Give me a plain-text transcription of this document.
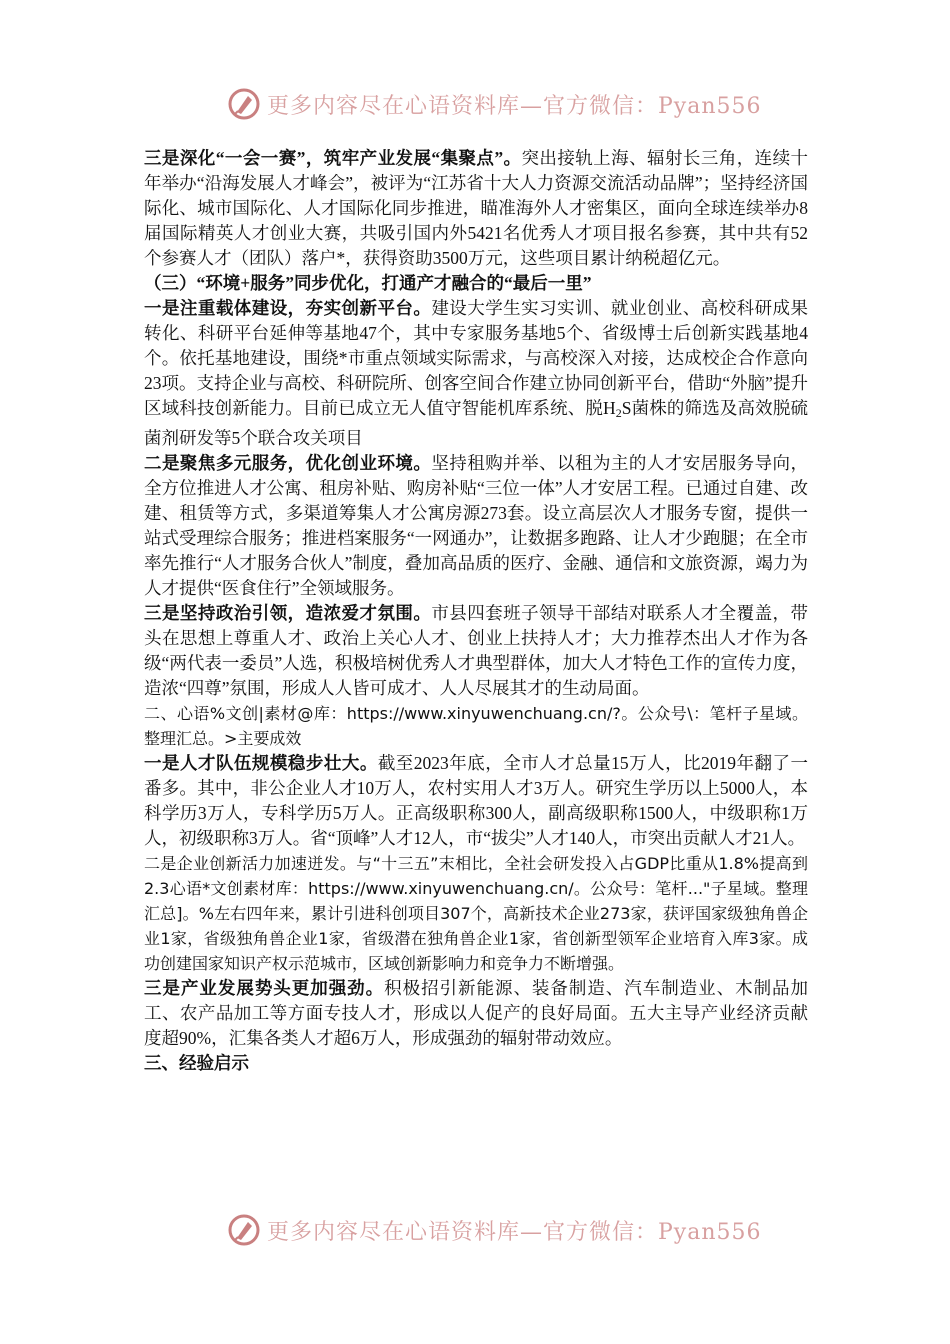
更多内容尽在心语资料库—官方微信：Pyan556

三是深化“一会一赛”，筑牢产业发展“集聚点”。突出接轨上海、辐射长三角，连续十年举办“沿海发展人才峰会”，被评为“江苏省十大人力资源交流活动品牌”；坚持经济国际化、城市国际化、人才国际化同步推进，瞄准海外人才密集区，面向全球连续举办8届国际精英人才创业大赛，共吸引国内外5421名优秀人才项目报名参赛，其中共有52个参赛人才（团队）落户*，获得资助3500万元，这些项目累计纳税超亿元。

（三）“环境+服务”同步优化，打通产才融合的“最后一里”

一是注重载体建设，夯实创新平台。建设大学生实习实训、就业创业、高校科研成果转化、科研平台延伸等基地47个，其中专家服务基地5个、省级博士后创新实践基地4个。依托基地建设，围绕*市重点领域实际需求，与高校深入对接，达成校企合作意向23项。支持企业与高校、科研院所、创客空间合作建立协同创新平台，借助“外脑”提升区域科技创新能力。目前已成立无人值守智能机库系统、脱$H_2S$菌株的筛选及高效脱硫菌剂研发等5个联合攻关项目

二是聚焦多元服务，优化创业环境。坚持租购并举、以租为主的人才安居服务导向，全方位推进人才公寓、租房补贴、购房补贴“三位一体”人才安居工程。已通过自建、改建、租赁等方式，多渠道筹集人才公寓房源273套。设立高层次人才服务专窗，提供一站式受理综合服务；推进档案服务“一网通办”，让数据多跑路、让人才少跑腿；在全市率先推行“人才服务合伙人”制度，叠加高品质的医疗、金融、通信和文旅资源，竭力为人才提供“医食住行”全领域服务。

三是坚持政治引领，造浓爱才氛围。市县四套班子领导干部结对联系人才全覆盖，带头在思想上尊重人才、政治上关心人才、创业上扶持人才；大力推荐杰出人才作为各级“两代表一委员”人选，积极培树优秀人才典型群体，加大人才特色工作的宣传力度，造浓“四尊”氛围，形成人人皆可成才、人人尽展其才的生动局面。

二、心语%文创|素材@库：https://www.xinyuwenchuang.cn/?。公众号\：笔杆子星域。整理汇总。>主要成效

一是人才队伍规模稳步壮大。截至2023年底，全市人才总量15万人，比2019年翻了一番多。其中，非公企业人才10万人，农村实用人才3万人。研究生学历以上5000人，本科学历3万人，专科学历5万人。正高级职称300人，副高级职称1500人，中级职称1万人，初级职称3万人。省“顶峰”人才12人，市“拔尖”人才140人，市突出贡献人才21人。

二是企业创新活力加速迸发。与“十三五”末相比，全社会研发投入占GDP比重从1.8%提高到2.3心语*文创素材库：https://www.xinyuwenchuang.cn/。公众号：笔杆..."子星域。整理汇总]。%左右四年来，累计引进科创项目307个，高新技术企业273家，获评国家级独角兽企业1家，省级独角兽企业1家，省级潜在独角兽企业1家，省创新型领军企业培育入库3家。成功创建国家知识产权示范城市，区域创新影响力和竞争力不断增强。

三是产业发展势头更加强劲。积极招引新能源、装备制造、汽车制造业、木制品加工、农产品加工等方面专技人才，形成以人促产的良好局面。五大主导产业经济贡献度超90%，汇集各类人才超6万人，形成强劲的辐射带动效应。

三、经验启示

更多内容尽在心语资料库—官方微信：Pyan556
